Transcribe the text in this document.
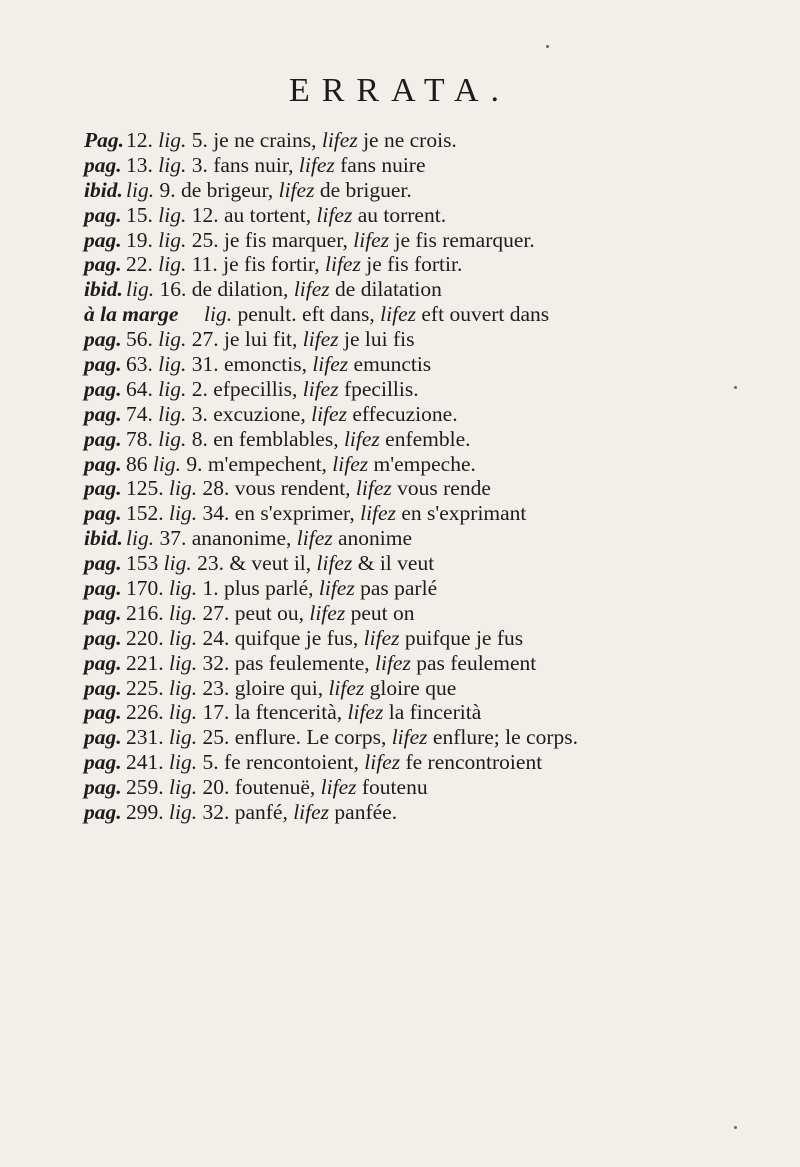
ERRATA.
Pag. 12. lig. 5. je ne crains, lifez je ne crois.
pag. 13. lig. 3. fans nuir, lifez fans nuire
ibid. lig. 9. de brigeur, lifez de briguer.
pag. 15. lig. 12. au tortent, lifez au torrent.
pag. 19. lig. 25. je fis marquer, lifez je fis remarquer.
pag. 22. lig. 11. je fis fortir, lifez je fis fortir.
ibid. lig. 16. de dilation, lifez de dilatation
à la marge lig. penult. eft dans, lifez eft ouvert dans
pag. 56. lig. 27. je lui fit, lifez je lui fis
pag. 63. lig. 31. emonctis, lifez emunctis
pag. 64. lig. 2. efpecillis, lifez fpecillis.
pag. 74. lig. 3. excuzione, lifez effecuzione.
pag. 78. lig. 8. en femblables, lifez enfemble.
pag. 86 lig. 9. m'empechent, lifez m'empeche.
pag. 125. lig. 28. vous rendent, lifez vous rende
pag. 152. lig. 34. en s'exprimer, lifez en s'exprimant
ibid. lig. 37. ananonime, lifez anonime
pag. 153 lig. 23. & veut il, lifez & il veut
pag. 170. lig. 1. plus parlé, lifez pas parlé
pag. 216. lig. 27. peut ou, lifez peut on
pag. 220. lig. 24. quifque je fus, lifez puifque je fus
pag. 221. lig. 32. pas feulemente, lifez pas feulement
pag. 225. lig. 23. gloire qui, lifez gloire que
pag. 226. lig. 17. la ftencerità, lifez la fincerità
pag. 231. lig. 25. enflure. Le corps, lifez enflure; le corps.
pag. 241. lig. 5. fe rencontoient, lifez fe rencontroient
pag. 259. lig. 20. foutenuë, lifez foutenu
pag. 299. lig. 32. panfé, lifez panfée.
